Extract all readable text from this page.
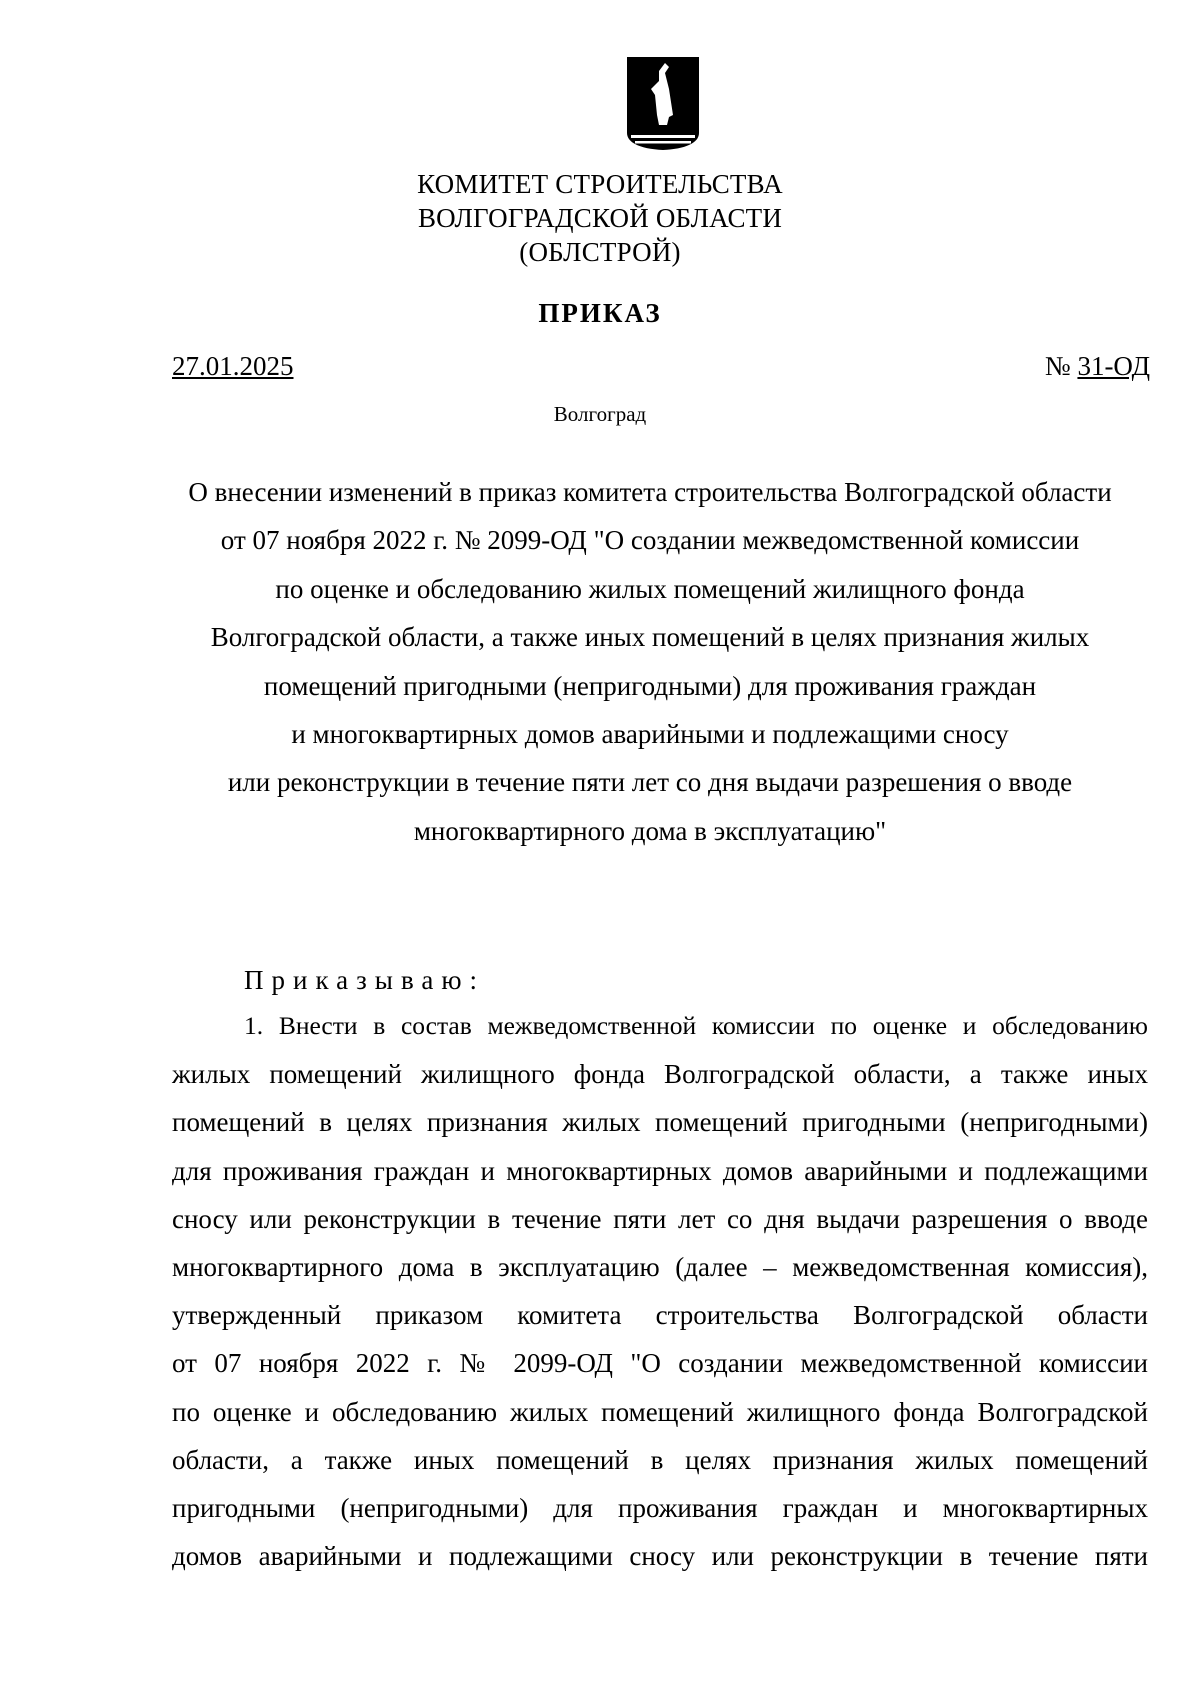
КОМИТЕТ СТРОИТЕЛЬСТВА
ВОЛГОГРАДСКОЙ ОБЛАСТИ
(ОБЛСТРОЙ)
ПРИКАЗ
27.01.2025	№ 31-ОД
Волгоград
О внесении изменений в приказ комитета строительства Волгоградской области
от 07 ноября 2022 г. № 2099-ОД "О создании межведомственной комиссии
по оценке и обследованию жилых помещений жилищного фонда
Волгоградской области, а также иных помещений в целях признания жилых
помещений пригодными (непригодными) для проживания граждан
и многоквартирных домов аварийными и подлежащими сносу
или реконструкции в течение пяти лет со дня выдачи разрешения о вводе
многоквартирного дома в эксплуатацию"
Приказываю:
1. Внести в состав межведомственной комиссии по оценке и обследованию
жилых помещений жилищного фонда Волгоградской области, а также иных
помещений в целях признания жилых помещений пригодными (непригодными)
для проживания граждан и многоквартирных домов аварийными и подлежащими
сносу или реконструкции в течение пяти лет со дня выдачи разрешения о вводе
многоквартирного дома в эксплуатацию (далее – межведомственная комиссия),
утвержденный приказом комитета строительства Волгоградской области
от 07 ноября 2022 г. № 2099-ОД "О создании межведомственной комиссии
по оценке и обследованию жилых помещений жилищного фонда Волгоградской
области, а также иных помещений в целях признания жилых помещений
пригодными (непригодными) для проживания граждан и многоквартирных
домов аварийными и подлежащими сносу или реконструкции в течение пяти
